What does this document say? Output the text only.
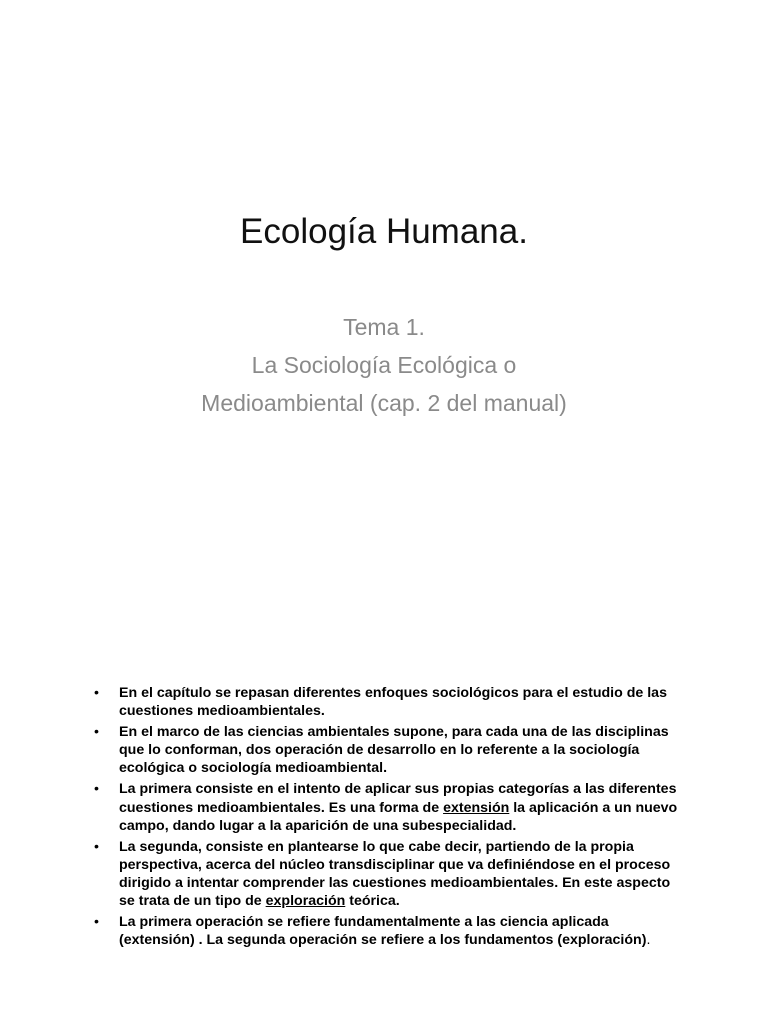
Ecología Humana.
Tema 1.
La Sociología Ecológica o
Medioambiental (cap. 2 del manual)
• En el capítulo se repasan diferentes enfoques sociológicos para el estudio de las cuestiones medioambientales.
• En el marco de las ciencias ambientales supone, para cada una de las disciplinas que lo conforman, dos operación de desarrollo en lo referente a la sociología ecológica o sociología medioambiental.
• La primera consiste en el intento de aplicar sus propias categorías a las diferentes cuestiones medioambientales. Es una forma de extensión la aplicación a un nuevo campo, dando lugar a la aparición de una subespecialidad.
• La segunda, consiste en plantearse lo que cabe decir, partiendo de la propia perspectiva, acerca del núcleo transdisciplinar que va definiéndose en el proceso dirigido a intentar comprender las cuestiones medioambientales. En este aspecto se trata de un tipo de exploración teórica.
• La primera operación se refiere fundamentalmente a las ciencia aplicada (extensión) . La segunda operación se refiere a los fundamentos (exploración).
